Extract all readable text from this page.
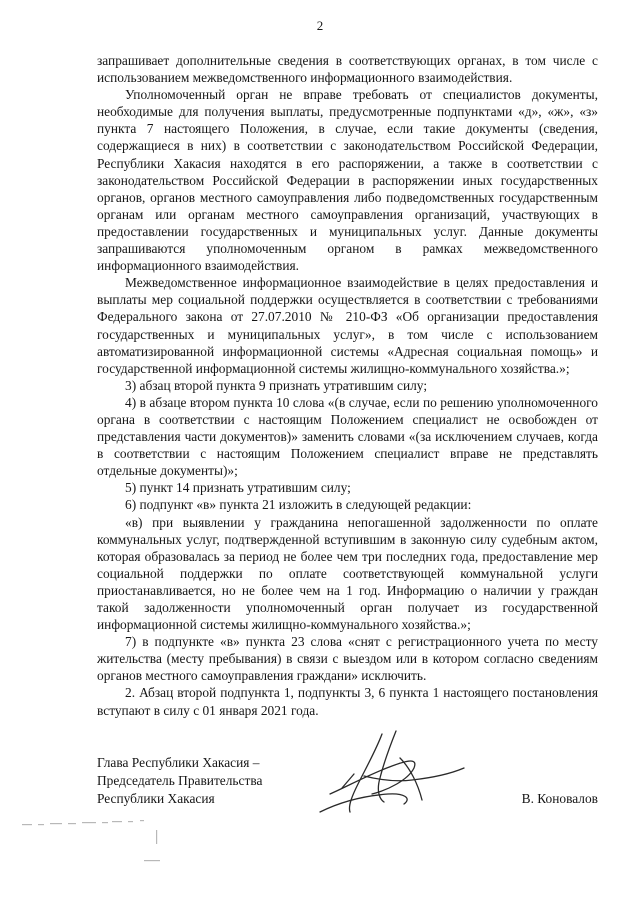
2

запрашивает дополнительные сведения в соответствующих органах, в том числе с использованием межведомственного информационного взаимодействия.

Уполномоченный орган не вправе требовать от специалистов документы, необходимые для получения выплаты, предусмотренные подпунктами «д», «ж», «з» пункта 7 настоящего Положения, в случае, если такие документы (сведения, содержащиеся в них) в соответствии с законодательством Российской Федерации, Республики Хакасия находятся в его распоряжении, а также в соответствии с законодательством Российской Федерации в распоряжении иных государственных органов, органов местного самоуправления либо подведомственных государственным органам или органам местного самоуправления организаций, участвующих в предоставлении государственных и муниципальных услуг. Данные документы запрашиваются уполномоченным органом в рамках межведомственного информационного взаимодействия.

Межведомственное информационное взаимодействие в целях предоставления и выплаты мер социальной поддержки осуществляется в соответствии с требованиями Федерального закона от 27.07.2010 № 210-ФЗ «Об организации предоставления государственных и муниципальных услуг», в том числе с использованием автоматизированной информационной системы «Адресная социальная помощь» и государственной информационной системы жилищно-коммунального хозяйства.»;

3) абзац второй пункта 9 признать утратившим силу;

4) в абзаце втором пункта 10 слова «(в случае, если по решению уполномоченного органа в соответствии с настоящим Положением специалист не освобожден от представления части документов)» заменить словами «(за исключением случаев, когда в соответствии с настоящим Положением специалист вправе не представлять отдельные документы)»;

5) пункт 14 признать утратившим силу;

6) подпункт «в» пункта 21 изложить в следующей редакции:

«в) при выявлении у гражданина непогашенной задолженности по оплате коммунальных услуг, подтвержденной вступившим в законную силу судебным актом, которая образовалась за период не более чем три последних года, предоставление мер социальной поддержки по оплате соответствующей коммунальной услуги приостанавливается, но не более чем на 1 год. Информацию о наличии у граждан такой задолженности уполномоченный орган получает из государственной информационной системы жилищно-коммунального хозяйства.»;

7) в подпункте «в» пункта 23 слова «снят с регистрационного учета по месту жительства (месту пребывания) в связи с выездом или в котором согласно сведениям органов местного самоуправления граждани» исключить.

2. Абзац второй подпункта 1, подпункты 3, 6 пункта 1 настоящего постановления вступают в силу с 01 января 2021 года.

Глава Республики Хакасия –
Председатель Правительства
Республики Хакасия	В. Коновалов
